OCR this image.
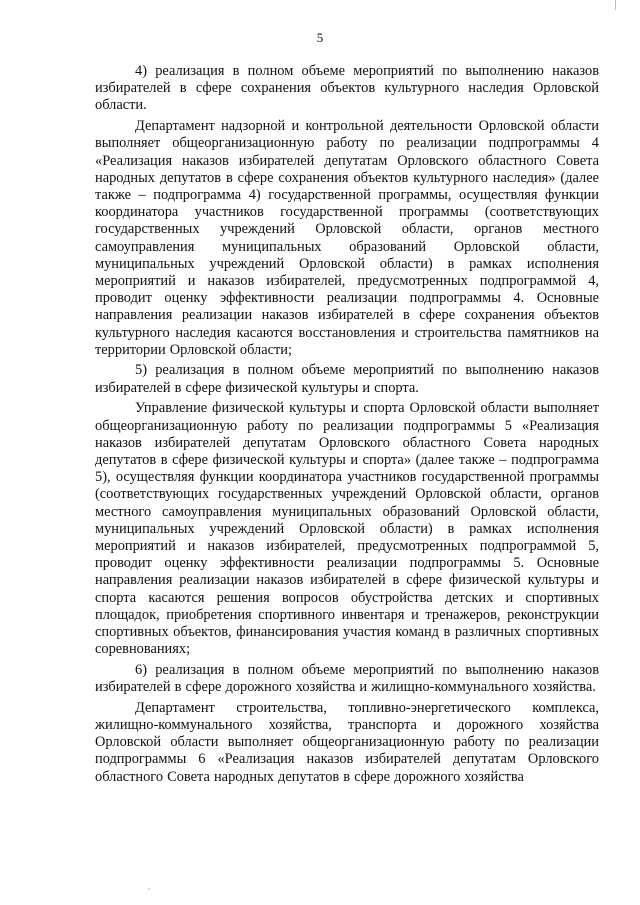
5

4) реализация в полном объеме мероприятий по выполнению наказов избирателей в сфере сохранения объектов культурного наследия Орловской области.

Департамент надзорной и контрольной деятельности Орловской области выполняет общеорганизационную работу по реализации подпрограммы 4 «Реализация наказов избирателей депутатам Орловского областного Совета народных депутатов в сфере сохранения объектов культурного наследия» (далее также – подпрограмма 4) государственной программы, осуществляя функции координатора участников государственной программы (соответствующих государственных учреждений Орловской области, органов местного самоуправления муниципальных образований Орловской области, муниципальных учреждений Орловской области) в рамках исполнения мероприятий и наказов избирателей, предусмотренных подпрограммой 4, проводит оценку эффективности реализации подпрограммы 4. Основные направления реализации наказов избирателей в сфере сохранения объектов культурного наследия касаются восстановления и строительства памятников на территории Орловской области;

5) реализация в полном объеме мероприятий по выполнению наказов избирателей в сфере физической культуры и спорта.

Управление физической культуры и спорта Орловской области выполняет общеорганизационную работу по реализации подпрограммы 5 «Реализация наказов избирателей депутатам Орловского областного Совета народных депутатов в сфере физической культуры и спорта» (далее также – подпрограмма 5), осуществляя функции координатора участников государственной программы (соответствующих государственных учреждений Орловской области, органов местного самоуправления муниципальных образований Орловской области, муниципальных учреждений Орловской области) в рамках исполнения мероприятий и наказов избирателей, предусмотренных подпрограммой 5, проводит оценку эффективности реализации подпрограммы 5. Основные направления реализации наказов избирателей в сфере физической культуры и спорта касаются решения вопросов обустройства детских и спортивных площадок, приобретения спортивного инвентаря и тренажеров, реконструкции спортивных объектов, финансирования участия команд в различных спортивных соревнованиях;

6) реализация в полном объеме мероприятий по выполнению наказов избирателей в сфере дорожного хозяйства и жилищно-коммунального хозяйства.

Департамент строительства, топливно-энергетического комплекса, жилищно-коммунального хозяйства, транспорта и дорожного хозяйства Орловской области выполняет общеорганизационную работу по реализации подпрограммы 6 «Реализация наказов избирателей депутатам Орловского областного Совета народных депутатов в сфере дорожного хозяйства
